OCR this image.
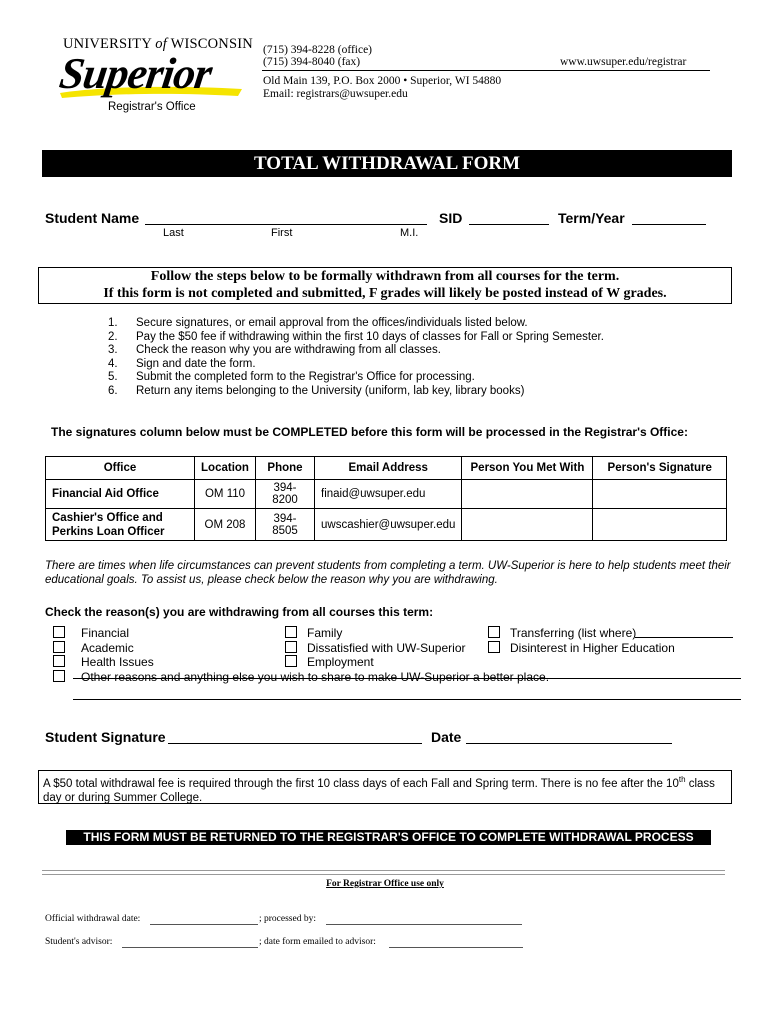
UNIVERSITY of WISCONSIN
Superior
Registrar's Office
(715) 394-8228 (office)
(715) 394-8040 (fax)	www.uwsuper.edu/registrar
Old Main 139, P.O. Box 2000 • Superior, WI 54880
Email: registrars@uwsuper.edu
TOTAL WITHDRAWAL FORM
Student Name	SID	Term/Year
Last	First	M.I.
Follow the steps below to be formally withdrawn from all courses for the term.
If this form is not completed and submitted, F grades will likely be posted instead of W grades.
1. Secure signatures, or email approval from the offices/individuals listed below.
2. Pay the $50 fee if withdrawing within the first 10 days of classes for Fall or Spring Semester.
3. Check the reason why you are withdrawing from all classes.
4. Sign and date the form.
5. Submit the completed form to the Registrar's Office for processing.
6. Return any items belonging to the University (uniform, lab key, library books)
The signatures column below must be COMPLETED before this form will be processed in the Registrar's Office:
Office	Location	Phone	Email Address	Person You Met With	Person's Signature
Financial Aid Office	OM 110	394-8200	finaid@uwsuper.edu		
Cashier's Office and
Perkins Loan Officer	OM 208	394-8505	uwscashier@uwsuper.edu		
There are times when life circumstances can prevent students from completing a term. UW-Superior is here to help students meet their
educational goals. To assist us, please check below the reason why you are withdrawing.
Check the reason(s) you are withdrawing from all courses this term:
Financial
Academic
Health Issues
Other reasons and anything else you wish to share to make UW-Superior a better place.
Family
Dissatisfied with UW-Superior
Employment
Transferring (list where)
Disinterest in Higher Education
Student Signature	Date
A $50 total withdrawal fee is required through the first 10 class days of each Fall and Spring term. There is no fee after the 10th class
day or during Summer College.
THIS FORM MUST BE RETURNED TO THE REGISTRAR'S OFFICE TO COMPLETE WITHDRAWAL PROCESS
For Registrar Office use only
Official withdrawal date:	; processed by:
Student's advisor:	; date form emailed to advisor:
